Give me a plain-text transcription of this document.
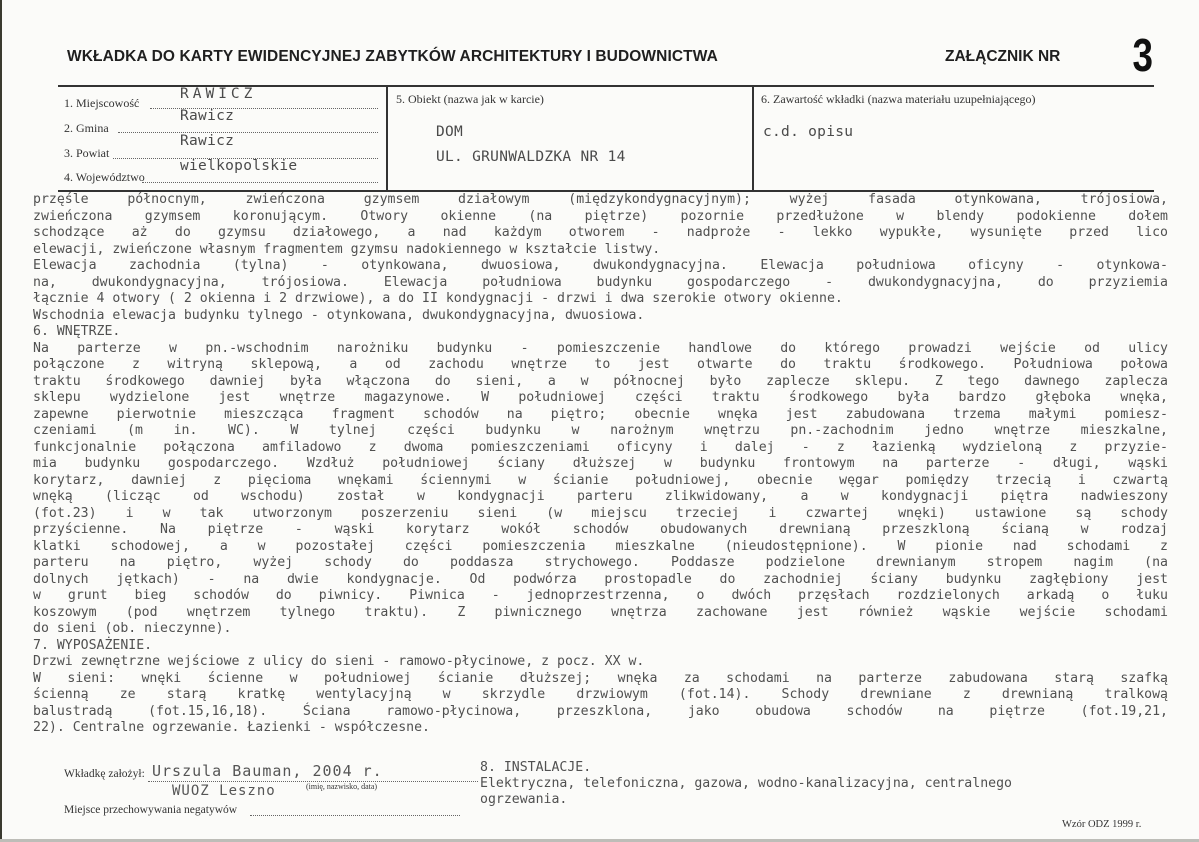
WKŁADKA DO KARTY EWIDENCYJNEJ ZABYTKÓW ARCHITEKTURY I BUDOWNICTWA	ZAŁĄCZNIK NR 3
1. Miejscowość
RAWICZ
2. Gmina
Rawicz
3. Powiat
Rawicz
4. Województwo
wielkopolskie
5. Obiekt (nazwa jak w karcie)
DOM
UL. GRUNWALDZKA NR 14
6. Zawartość wkładki (nazwa materiału uzupełniającego)
c.d. opisu
przęśle północnym, zwieńczona gzymsem działowym (międzykondygnacyjnym); wyżej fasada otynkowana, trójosiowa,
zwieńczona gzymsem koronującym. Otwory okienne (na piętrze) pozornie przedłużone w blendy podokienne dołem
schodzące aż do gzymsu działowego, a nad każdym otworem - nadproże - lekko wypukłe, wysunięte przed lico
elewacji, zwieńczone własnym fragmentem gzymsu nadokiennego w kształcie listwy.
Elewacja zachodnia (tylna) - otynkowana, dwuosiowa, dwukondygnacyjna. Elewacja południowa oficyny - otynkowa-
na, dwukondygnacyjna, trójosiowa. Elewacja południowa budynku gospodarczego - dwukondygnacyjna, do przyziemia
łącznie 4 otwory ( 2 okienna i 2 drzwiowe), a do II kondygnacji - drzwi i dwa szerokie otwory okienne.
Wschodnia elewacja budynku tylnego - otynkowana, dwukondygnacyjna, dwuosiowa.
6. WNĘTRZE.
Na parterze w pn.-wschodnim narożniku budynku - pomieszczenie handlowe do którego prowadzi wejście od ulicy
połączone z witryną sklepową, a od zachodu wnętrze to jest otwarte do traktu środkowego. Południowa połowa
traktu środkowego dawniej była włączona do sieni, a w północnej było zaplecze sklepu. Z tego dawnego zaplecza
sklepu wydzielone jest wnętrze magazynowe. W południowej części traktu środkowego była bardzo głęboka wnęka,
zapewne pierwotnie mieszcząca fragment schodów na piętro; obecnie wnęka jest zabudowana trzema małymi pomiesz-
czeniami (m in. WC). W tylnej części budynku w narożnym wnętrzu pn.-zachodnim jedno wnętrze mieszkalne,
funkcjonalnie połączona amfiladowo z dwoma pomieszczeniami oficyny i dalej - z łazienką wydzieloną z przyzie-
mia budynku gospodarczego. Wzdłuż południowej ściany dłuższej w budynku frontowym na parterze - długi, wąski
korytarz, dawniej z pięcioma wnękami ściennymi w ścianie południowej, obecnie węgar pomiędzy trzecią i czwartą
wnęką (licząc od wschodu) został w kondygnacji parteru zlikwidowany, a w kondygnacji piętra nadwieszony
(fot.23) i w tak utworzonym poszerzeniu sieni (w miejscu trzeciej i czwartej wnęki) ustawione są schody
przyścienne. Na piętrze - wąski korytarz wokół schodów obudowanych drewnianą przeszkloną ścianą w rodzaj
klatki schodowej, a w pozostałej części pomieszczenia mieszkalne (nieudostępnione). W pionie nad schodami z
parteru na piętro, wyżej schody do poddasza strychowego. Poddasze podzielone drewnianym stropem nagim (na
dolnych jętkach) - na dwie kondygnacje. Od podwórza prostopadle do zachodniej ściany budynku zagłębiony jest
w grunt bieg schodów do piwnicy. Piwnica - jednoprzestrzenna, o dwóch przęsłach rozdzielonych arkadą o łuku
koszowym (pod wnętrzem tylnego traktu). Z piwnicznego wnętrza zachowane jest również wąskie wejście schodami
do sieni (ob. nieczynne).
7. WYPOSAŻENIE.
Drzwi zewnętrzne wejściowe z ulicy do sieni - ramowo-płycinowe, z pocz. XX w.
W sieni: wnęki ścienne w południowej ścianie dłuższej; wnęka za schodami na parterze zabudowana starą szafką
ścienną ze starą kratkę wentylacyjną w skrzydle drzwiowym (fot.14). Schody drewniane z drewnianą tralkową
balustradą (fot.15,16,18). Ściana ramowo-płycinowa, przeszklona, jako obudowa schodów na piętrze (fot.19,21,
22). Centralne ogrzewanie. Łazienki - współczesne.
Wkładkę założył: Urszula Bauman, 2004 r.
(imię, nazwisko, data)
WUOZ Leszno
Miejsce przechowywania negatywów
8. INSTALACJE.
Elektryczna, telefoniczna, gazowa, wodno-kanalizacyjna, centralnego
ogrzewania.
Wzór ODZ 1999 r.
